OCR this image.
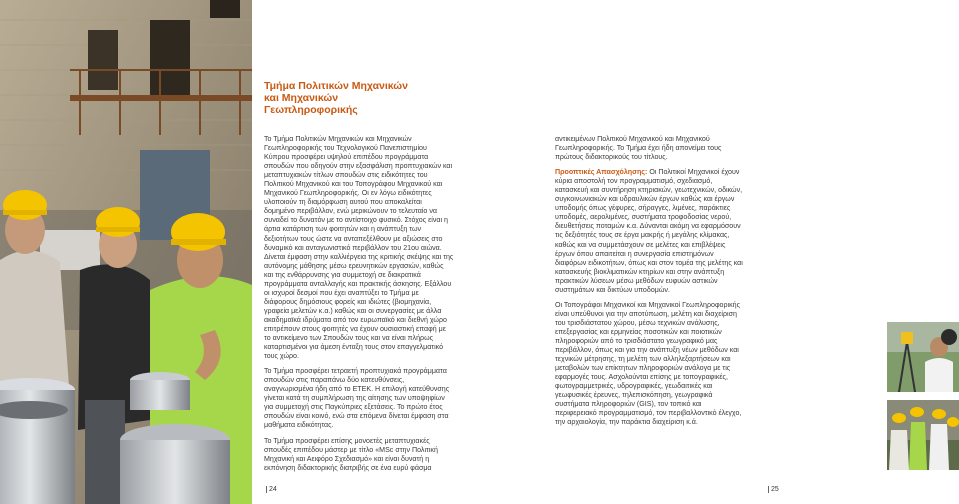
Τμήμα Πολιτικών Μηχανικών
και Μηχανικών
Γεωπληροφορικής

Το Τμήμα Πολιτικών Μηχανικών και Μηχανικών Γεωπληροφορικής του Τεχνολογικού Πανεπιστημίου Κύπρου προσφέρει υψηλού επιπέδου προγράμματα σπουδών που οδηγούν στην εξασφάλιση προπτυχιακών και μεταπτυχιακών τίτλων σπουδών στις ειδικότητες του Πολιτικού Μηχανικού και του Τοπογράφου Μηχανικού και Μηχανικού Γεωπληροφορικής. Οι εν λόγω ειδικότητες υλοποιούν τη διαμόρφωση αυτού που αποκαλείται δομημένο περιβάλλον, ενώ μερικώνουν το τελευταίο να συναδεί το δυνατόν με το αντίστοιχο φυσικό. Στόχος είναι η άρτια κατάρτιση των φοιτητών και η ανάπτυξη των δεξιοτήτων τους ώστε να ανταπεξέλθουν με αξιώσεις στο δυναμικό και ανταγωνιστικό περιβάλλον του 21ου αιώνα. Δίνεται έμφαση στην καλλιέργεια της κριτικής σκέψης και της αυτόνομης μάθησης μέσω ερευνητικών εργασιών, καθώς και της ενθάρρυνσης για συμμετοχή σε διακρατικά προγράμματα ανταλλαγής και πρακτικής άσκησης. Εξάλλου οι ισχυροί δεσμοί που έχει αναπτύξει το Τμήμα με διάφορους δημόσιους φορείς και ιδιώτες (βιομηχανία, γραφεία μελετών κ.α.) καθώς και οι συνεργασίες με άλλα ακαδημαϊκά ιδρύματα από τον ευρωπαϊκό και διεθνή χώρο επιτρέπουν στους φοιτητές να έχουν ουσιαστική επαφή με το αντικείμενο των Σπουδών τους και να είναι πλήρως καταρτισμένοι για άμεση ένταξη τους στον επαγγελματικό τους χώρο.

Το Τμήμα προσφέρει τετραετή προπτυχιακά προγράμματα σπουδών στις παραπάνω δύο κατευθύνσεις, αναγνωρισμένα ήδη από το ΕΤΕΚ. Η επιλογή κατεύθυνσης γίνεται κατά τη συμπλήρωση της αίτησης των υποψηφίων για συμμετοχή στις Παγκύπριες εξετάσεις. Το πρώτο έτος σπουδών είναι κοινό, ενώ στα επόμενα δίνεται έμφαση στα μαθήματα ειδικότητας.

Το Τμήμα προσφέρει επίσης μονοετές μεταπτυχιακές σπουδές επιπέδου μάστερ με τίτλο «MSc στην Πολιτική Μηχανική και Αειφόρο Σχεδιασμό» και είναι δυνατή η εκπόνηση διδακτορικής διατριβής σε ένα ευρύ φάσμα

αντικειμένων Πολιτικού Μηχανικού και Μηχανικού Γεωπληροφορικής. Το Τμήμα έχει ήδη απονείμει τους πρώτους διδακτορικούς του τίτλους.

Προοπτικές Απασχόλησης: Οι Πολιτικοί Μηχανικοί έχουν κύρια αποστολή τον προγραμματισμό, σχεδιασμό, κατασκευή και συντήρηση κτηριακών, γεωτεχνικών, οδικών, συγκοινωνιακών και υδραυλικών έργων καθώς και έργων υποδομής όπως γέφυρες, σήραγγες, λιμένες, παράκτιες υποδομές, αερολιμένες, συστήματα τροφοδοσίας νερού, διευθετήσεις ποταμών κ.α. Δύνανται ακόμη να εφαρμόσουν τις δεξιότητές τους σε έργα μακρής ή μεγάλης κλίμακας, καθώς και να συμμετάσχουν σε μελέτες και επιβλέψεις έργων όπου απαιτείται η συνεργασία επιστημόνων διαφόρων ειδικοτήτων, όπως και στον τομέα της μελέτης και κατασκευής βιοκλιματικών κτηρίων και στην ανάπτυξη πρακτικών λύσεων μέσω μεθόδων ευφυών αστικών συστημάτων και δικτύων υποδομών.

Οι Τοπογράφοι Μηχανικοί και Μηχανικοί Γεωπληροφορικής είναι υπεύθυνοι για την αποτύπωση, μελέτη και διαχείριση του τρισδιάστατου χώρου, μέσω τεχνικών ανάλυσης, επεξεργασίας και ερμηνείας ποσοτικών και ποιοτικών πληροφοριών από το τρισδιάστατο γεωγραφικό μας περιβάλλον, όπως και για την ανάπτυξη νέων μεθόδων και τεχνικών μέτρησης, τη μελέτη των αλληλεξαρτήσεων και μεταβολών των επίκτητων πληροφοριών ανάλογα με τις εφαρμογές τους. Ασχολούνται επίσης με τοπογραφικές, φωτογραμμετρικές, υδρογραφικές, γεωδαιτικές και γεωφυσικές έρευνες, τηλεπισκόπηση, γεωγραφικά συστήματα πληροφοριών (GIS), τον τοπικό και περιφερειακό προγραμματισμό, τον περιβαλλοντικό έλεγχο, την αρχαιολογία, την παράκτια διαχείριση κ.ά.

24	25
